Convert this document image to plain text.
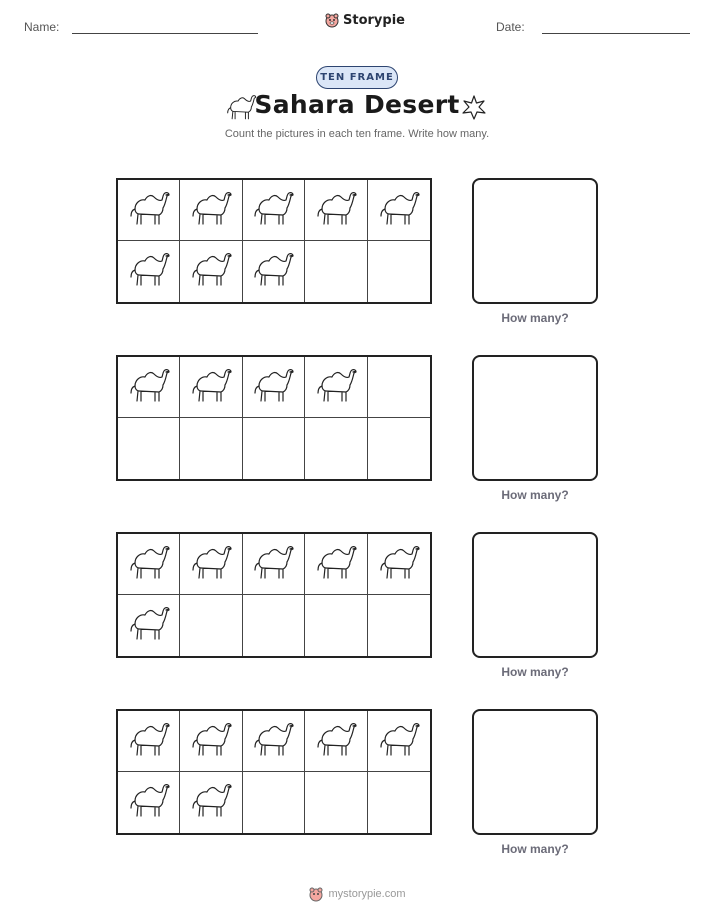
Name:	Storypie	Date:
TEN FRAME
Sahara Desert
Count the pictures in each ten frame. Write how many.
How many?
How many?
How many?
How many?
mystorypie.com
